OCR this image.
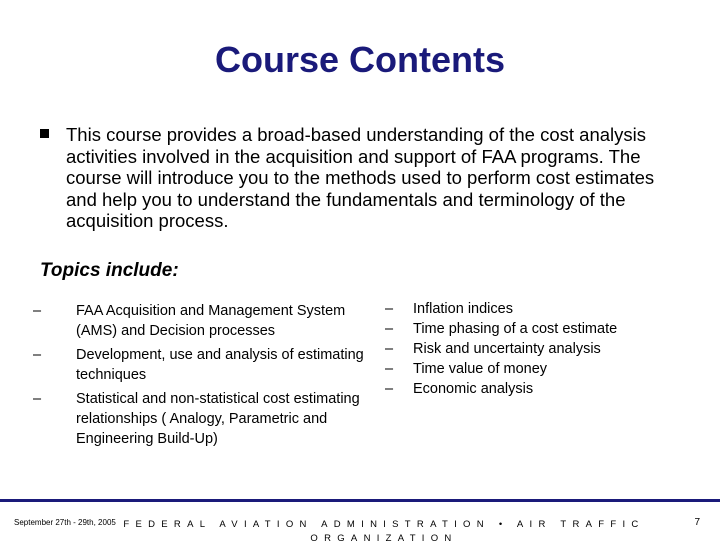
Course Contents
This course provides a broad-based understanding of the cost analysis activities involved in the acquisition and support of FAA programs. The course will introduce you to the methods used to perform cost estimates and help you to understand the fundamentals and terminology of the acquisition process.
Topics include:
– FAA Acquisition and Management System (AMS) and Decision processes
– Development, use and analysis of estimating techniques
– Statistical and non-statistical cost estimating relationships ( Analogy, Parametric and Engineering Build-Up)
– Inflation indices
– Time phasing of a cost estimate
– Risk and uncertainty analysis
– Time value of money
– Economic analysis
September 27th - 29th, 2005 FEDERAL AVIATION ADMINISTRATION • AIR TRAFFIC ORGANIZATION
7
